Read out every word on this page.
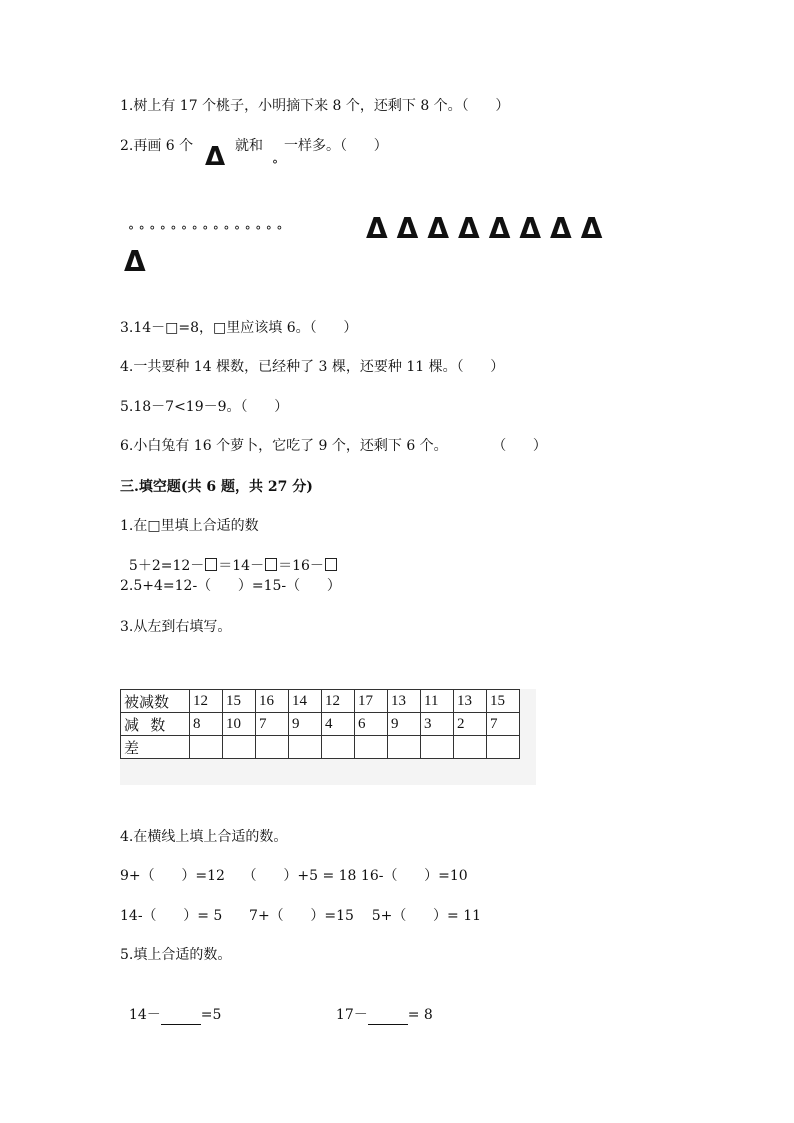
1.树上有 17 个桃子，小明摘下来 8 个，还剩下 8 个。（      ）
2.再画 6 个 Δ 就和
°
一样多。（      ）
°°°°°°°°°°°°°°°	Δ Δ Δ Δ Δ Δ Δ Δ
Δ
3.14－□=8，□里应该填 6。（      ）
4.一共要种 14 棵数，已经种了 3 棵，还要种 11 棵。（      ）
5.18－7<19－9。（      ）
6.小白兔有 16 个萝卜，它吃了 9 个，还剩下 6 个。          （      ）
三.填空题(共 6 题，共 27 分)
1.在□里填上合适的数

5＋2=12－ ＝14－ ＝16－

2.5+4=12-（      ）=15-（      ）
3.从左到右填写。
被减数	12	15	16	14	12	17	13	11	13	15
减   数	8	10	7	9	4	6	9	3	2	7
差										
4.在横线上填上合适的数。
9+（      ）=12    （      ）+5 = 18 16-（      ）=10
14-（      ）= 5      7+（      ）=15    5+（      ）= 11
5.填上合适的数。

14－	=5	17－	= 8
